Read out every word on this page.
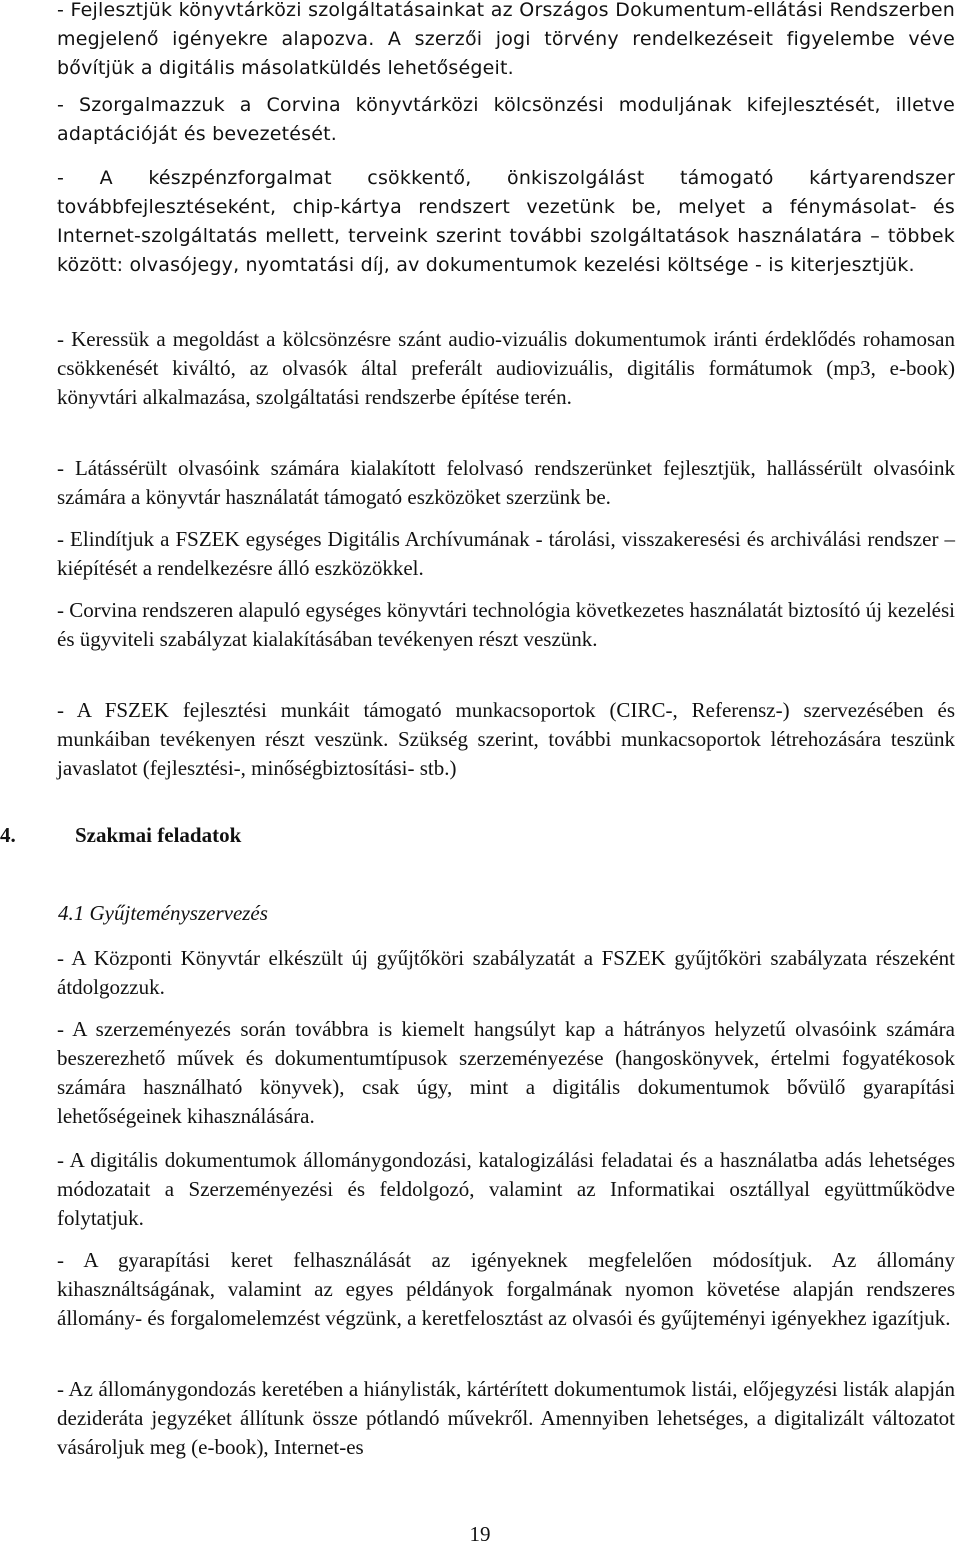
- Fejlesztjük könyvtárközi szolgáltatásainkat az Országos Dokumentum-ellátási Rendszerben megjelenő igényekre alapozva. A szerzői jogi törvény rendelkezéseit figyelembe véve bővítjük a digitális másolatküldés lehetőségeit.

- Szorgalmazzuk a Corvina könyvtárközi kölcsönzési moduljának kifejlesztését, illetve adaptációját és bevezetését.

- A készpénzforgalmat csökkentő, önkiszolgálást támogató kártyarendszer továbbfejlesztéseként, chip-kártya rendszert vezetünk be, melyet a fénymásolat- és Internet-szolgáltatás mellett, terveink szerint további szolgáltatások használatára – többek között: olvasójegy, nyomtatási díj, av dokumentumok kezelési költsége - is kiterjesztjük.

- Keressük a megoldást a kölcsönzésre szánt audio-vizuális dokumentumok iránti érdeklődés rohamosan csökkenését kiváltó, az olvasók által preferált audiovizuális, digitális formátumok (mp3, e-book) könyvtári alkalmazása, szolgáltatási rendszerbe építése terén.

- Látássérült olvasóink számára kialakított felolvasó rendszerünket fejlesztjük, hallássérült olvasóink számára a könyvtár használatát támogató eszközöket szerzünk be.

- Elindítjuk a FSZEK egységes Digitális Archívumának - tárolási, visszakeresési és archiválási rendszer – kiépítését a rendelkezésre álló eszközökkel.

- Corvina rendszeren alapuló egységes könyvtári technológia következetes használatát biztosító új kezelési és ügyviteli szabályzat kialakításában tevékenyen részt veszünk.

- A FSZEK fejlesztési munkáit támogató munkacsoportok (CIRC-, Referensz-) szervezésében és munkáiban tevékenyen részt veszünk. Szükség szerint, további munkacsoportok létrehozására teszünk javaslatot (fejlesztési-, minőségbiztosítási- stb.)

4.	Szakmai feladatok
4.1 Gyűjteményszervezés

- A Központi Könyvtár elkészült új gyűjtőköri szabályzatát a FSZEK gyűjtőköri szabályzata részeként átdolgozzuk.

- A szerzeményezés során továbbra is kiemelt hangsúlyt kap a hátrányos helyzetű olvasóink számára beszerezhető művek és dokumentumtípusok szerzeményezése (hangoskönyvek, értelmi fogyatékosok számára használható könyvek), csak úgy, mint a digitális dokumentumok bővülő gyarapítási lehetőségeinek kihasználására.

- A digitális dokumentumok állománygondozási, katalogizálási feladatai és a használatba adás lehetséges módozatait a Szerzeményezési és feldolgozó, valamint az Informatikai osztállyal együttműködve folytatjuk.

- A gyarapítási keret felhasználását az igényeknek megfelelően módosítjuk. Az állomány kihasználtságának, valamint az egyes példányok forgalmának nyomon követése alapján rendszeres állomány- és forgalomelemzést végzünk, a keretfelosztást az olvasói és gyűjteményi igényekhez igazítjuk.

- Az állománygondozás keretében a hiánylisták, kártérített dokumentumok listái, előjegyzési listák alapján dezideráta jegyzéket állítunk össze pótlandó művekről. Amennyiben lehetséges, a digitalizált változatot vásároljuk meg (e-book), Internet-es

19
